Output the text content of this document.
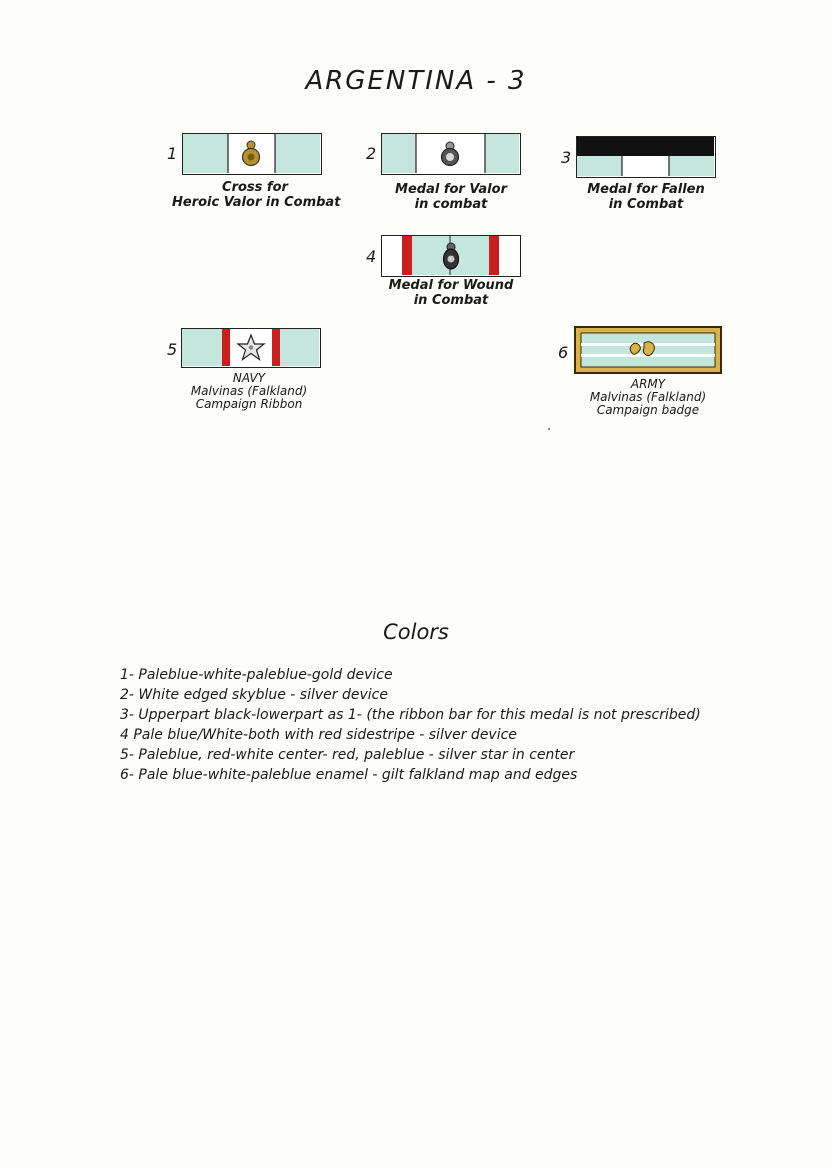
ARGENTINA - 3
1
Cross for
Heroic Valor in Combat
2
Medal for Valor
in combat
3
Medal for Fallen
in Combat
4
Medal for Wound
in Combat
5
NAVY
Malvinas (Falkland)
Campaign Ribbon
6
ARMY
Malvinas (Falkland)
Campaign badge
Colors
1- Paleblue-white-paleblue-gold device
2- White edged skyblue - silver device
3- Upperpart black-lowerpart as 1- (the ribbon bar for this medal is not prescribed)
4 Pale blue/White-both with red sidestripe - silver device
5- Paleblue, red-white center- red, paleblue - silver star in center
6- Pale blue-white-paleblue enamel - gilt falkland map and edges
